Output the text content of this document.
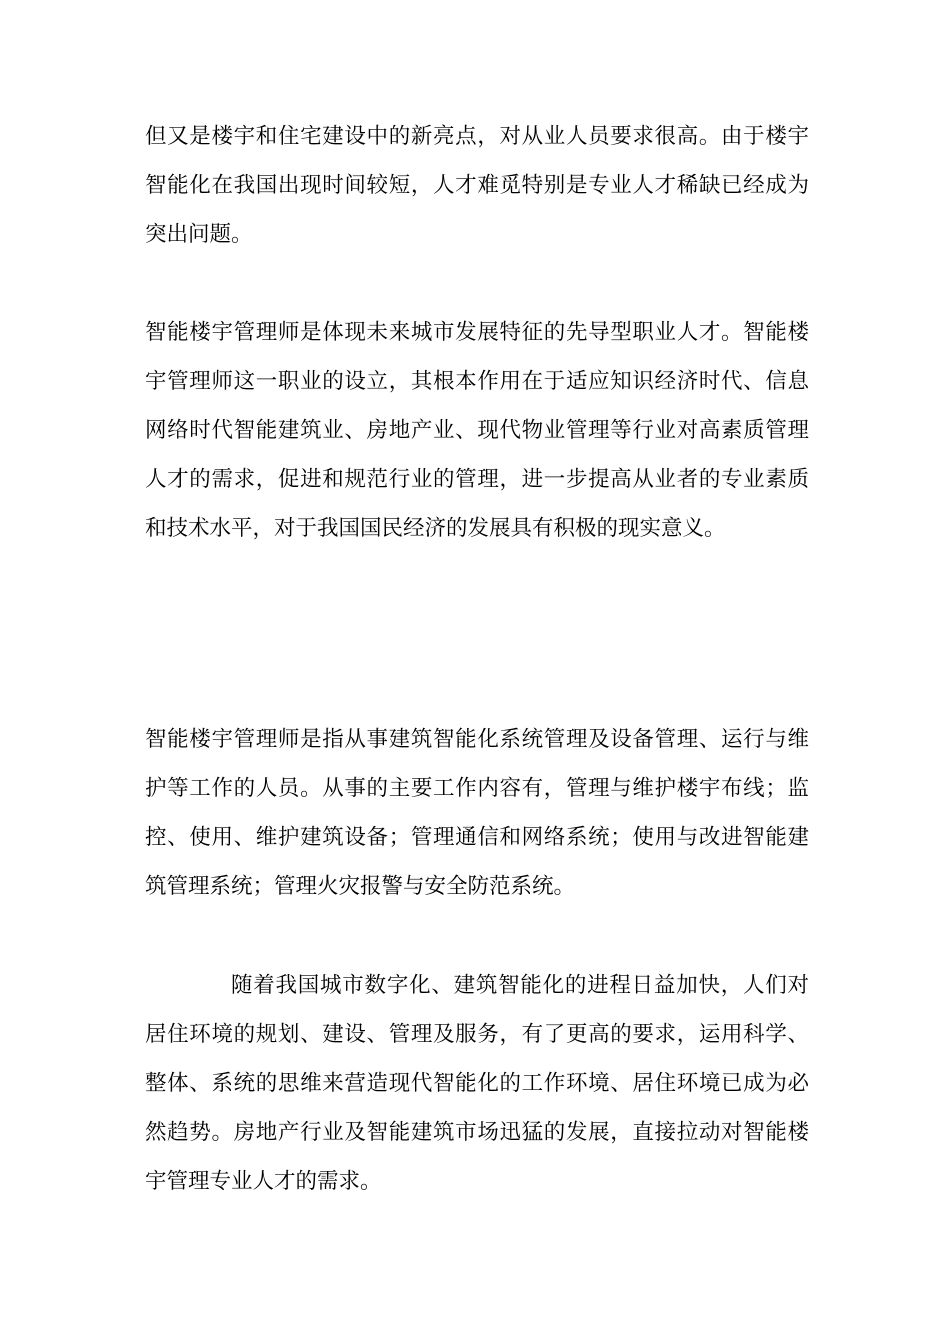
但又是楼宇和住宅建设中的新亮点，对从业人员要求很高。由于楼宇
智能化在我国出现时间较短，人才难觅特别是专业人才稀缺已经成为
突出问题。
智能楼宇管理师是体现未来城市发展特征的先导型职业人才。智能楼
宇管理师这一职业的设立，其根本作用在于适应知识经济时代、信息
网络时代智能建筑业、房地产业、现代物业管理等行业对高素质管理
人才的需求，促进和规范行业的管理，进一步提高从业者的专业素质
和技术水平，对于我国国民经济的发展具有积极的现实意义。
智能楼宇管理师是指从事建筑智能化系统管理及设备管理、运行与维
护等工作的人员。从事的主要工作内容有，管理与维护楼宇布线；监
控、使用、维护建筑设备；管理通信和网络系统；使用与改进智能建
筑管理系统；管理火灾报警与安全防范系统。
随着我国城市数字化、建筑智能化的进程日益加快，人们对
居住环境的规划、建设、管理及服务，有了更高的要求，运用科学、
整体、系统的思维来营造现代智能化的工作环境、居住环境已成为必
然趋势。房地产行业及智能建筑市场迅猛的发展，直接拉动对智能楼
宇管理专业人才的需求。
